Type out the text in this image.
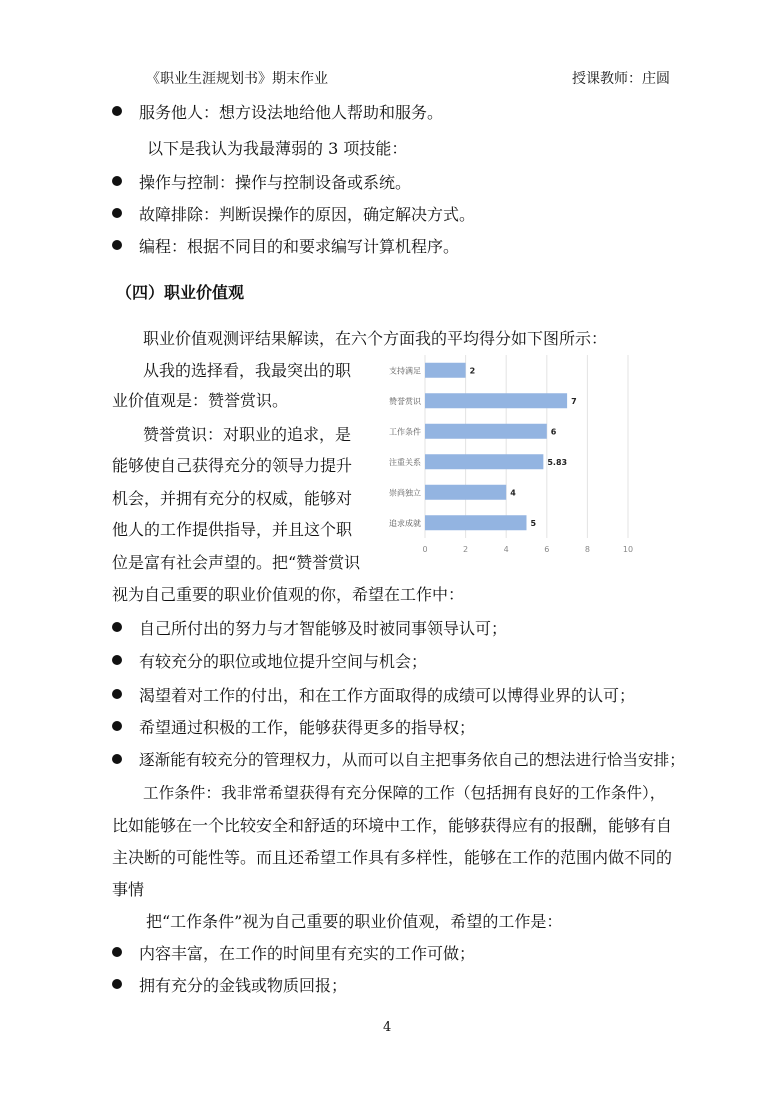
《职业生涯规划书》期末作业	授课教师：庄圆
服务他人：想方设法地给他人帮助和服务。
以下是我认为我最薄弱的 3 项技能：
操作与控制：操作与控制设备或系统。
故障排除：判断误操作的原因，确定解决方式。
编程：根据不同目的和要求编写计算机程序。
（四）职业价值观
职业价值观测评结果解读，在六个方面我的平均得分如下图所示：
从我的选择看，我最突出的职
业价值观是：赞誉赏识。
赞誉赏识：对职业的追求，是
能够使自己获得充分的领导力提升
机会，并拥有充分的权威，能够对
他人的工作提供指导，并且这个职
位是富有社会声望的。把“赞誉赏识
0	2	4	6	8	10
支持满足	2
赞誉赏识	7
工作条件	6
注重关系	5.83
崇尚独立	4
追求成就	5
视为自己重要的职业价值观的你，希望在工作中：
自己所付出的努力与才智能够及时被同事领导认可；
有较充分的职位或地位提升空间与机会；
渴望着对工作的付出，和在工作方面取得的成绩可以博得业界的认可；
希望通过积极的工作，能够获得更多的指导权；
逐渐能有较充分的管理权力，从而可以自主把事务依自己的想法进行恰当安排；
工作条件：我非常希望获得有充分保障的工作（包括拥有良好的工作条件），
比如能够在一个比较安全和舒适的环境中工作，能够获得应有的报酬，能够有自
主决断的可能性等。而且还希望工作具有多样性，能够在工作的范围内做不同的
事情
把“工作条件”视为自己重要的职业价值观，希望的工作是：
内容丰富，在工作的时间里有充实的工作可做；
拥有充分的金钱或物质回报；
4
